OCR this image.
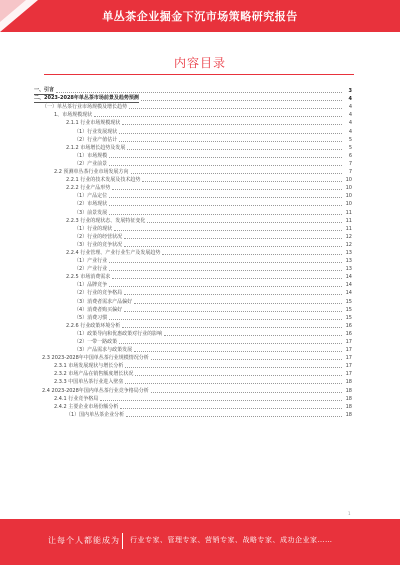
单丛茶企业掘金下沉市场策略研究报告
内容目录
一、引言	3
二、2023-2028年单丛茶市场前景及趋势预测	4
（一）单丛茶行业市场规模及增长趋势	4
1、市场规模现状	4
2.1.1 行业市场规模现状	4
（1）行业发展现状	4
（2）行业产值估计	5
2.1.2 市场增长趋势及发展	5
（1）市场规模	6
（2）产业前景	7
2.2 预测单丛茶行业市场发展方向	7
2.2.1 行业的技术发展及技术趋势	10
2.2.2 行业产品形势	10
（1）产品定位	10
（2）市场现状	10
（3）前景发展	11
2.2.3 行业的现状态、发展特征变化	11
（1）行业的现状	11
（2）行业的经营状况	12
（3）行业的竞争状况	12
2.2.4 行业管理、产业行业生产及发展趋势	13
（1）产业行业	13
（2）产业行业	13
2.2.5 市场消费需求	14
（1）品牌竞争	14
（2）行业的竞争格局	14
（3）消费者需求产品偏好	15
（4）消费者购买偏好	15
（5）消费习惯	15
2.2.6 行业政策环境分析	16
（1）政策导向和优惠政策对行业的影响	16
（2）一带一路政策	17
（3）产品需求与政策发展	17
2.3 2023-2028年中国单丛茶行业规模情况分析	17
2.3.1 市场发展现状与增长分析	17
2.3.2 市场产品在销售额度增长状况	17
2.3.3 中国单丛茶行业进入壁垒	18
2.4 2023-2028年国内单丛茶行业竞争格局分析	18
2.4.1 行业竞争格局	18
2.4.2 主要企业市场份额分析	18
（1）国内单丛茶企业分析	18
1
让每个人都能成为 行业专家、管理专家、营销专家、战略专家、成功企业家……
